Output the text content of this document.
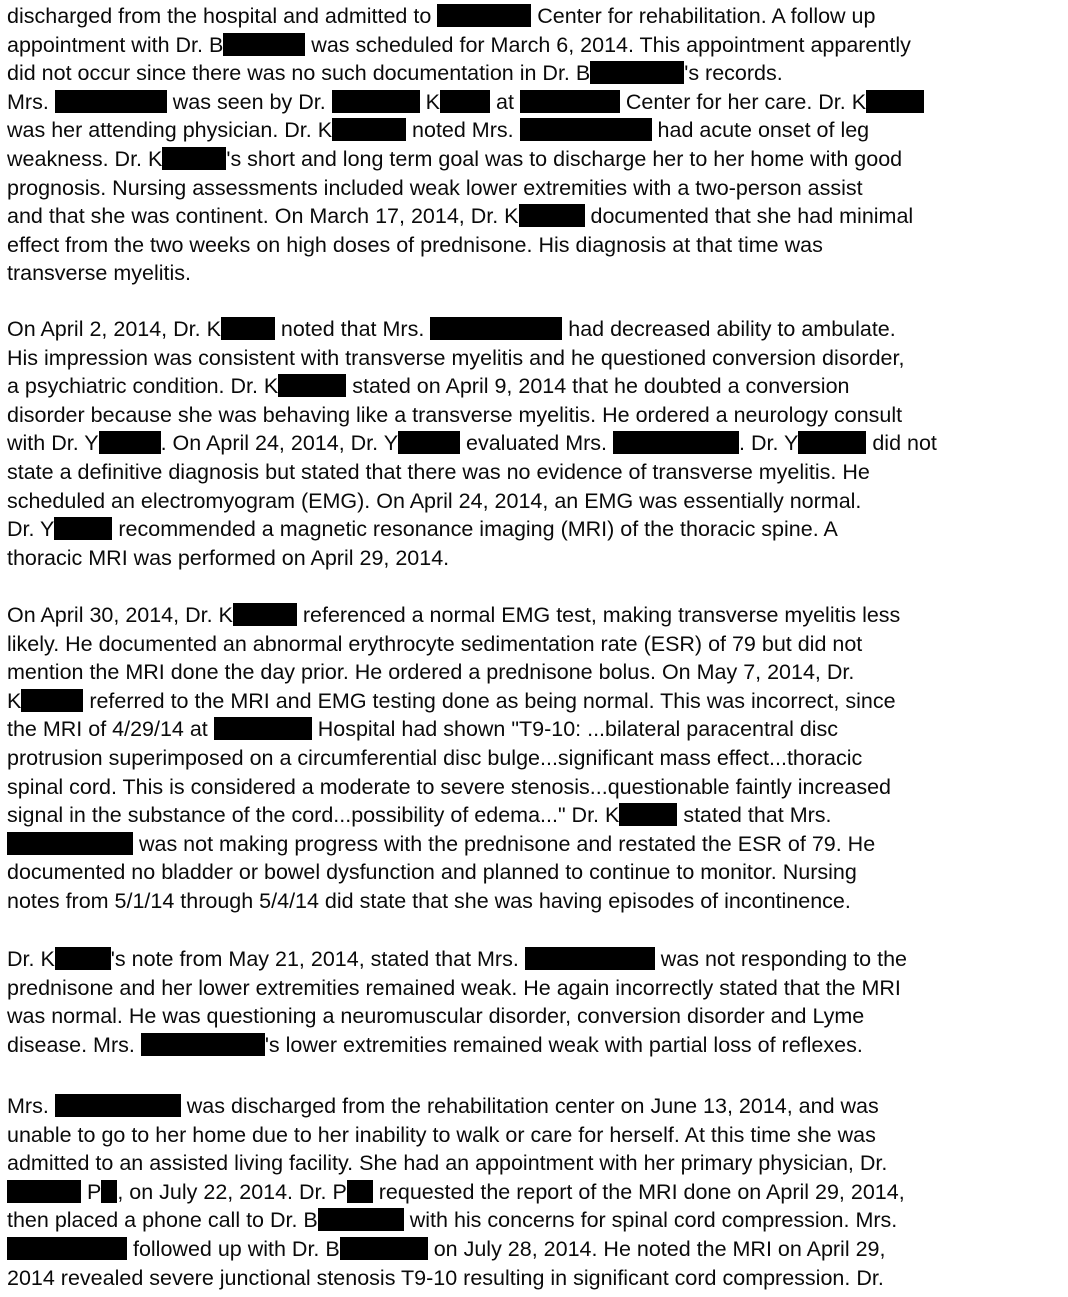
discharged from the hospital and admitted to	Center for rehabilitation. A follow up
appointment with Dr. B	was scheduled for March 6, 2014. This appointment apparently
did not occur since there was no such documentation in Dr. B	's records.
Mrs.	was seen by Dr.	K at	Center for her care. Dr. K
was her attending physician. Dr. K	noted Mrs.	had acute onset of leg
weakness. Dr. K	's short and long term goal was to discharge her to her home with good
prognosis. Nursing assessments included weak lower extremities with a two-person assist
and that she was continent. On March 17, 2014, Dr. K	documented that she had minimal
effect from the two weeks on high doses of prednisone. His diagnosis at that time was
transverse myelitis.
On April 2, 2014, Dr. K	noted that Mrs.	had decreased ability to ambulate.
His impression was consistent with transverse myelitis and he questioned conversion disorder,
a psychiatric condition. Dr. K	stated on April 9, 2014 that he doubted a conversion
disorder because she was behaving like a transverse myelitis. He ordered a neurology consult
with Dr. Y	. On April 24, 2014, Dr. Y	evaluated Mrs.	. Dr. Y	did not
state a definitive diagnosis but stated that there was no evidence of transverse myelitis. He
scheduled an electromyogram (EMG). On April 24, 2014, an EMG was essentially normal.
Dr. Y	recommended a magnetic resonance imaging (MRI) of the thoracic spine. A
thoracic MRI was performed on April 29, 2014.
On April 30, 2014, Dr. K	referenced a normal EMG test, making transverse myelitis less
likely. He documented an abnormal erythrocyte sedimentation rate (ESR) of 79 but did not
mention the MRI done the day prior. He ordered a prednisone bolus. On May 7, 2014, Dr.
K	referred to the MRI and EMG testing done as being normal. This was incorrect, since
the MRI of 4/29/14 at	Hospital had shown "T9-10: ...bilateral paracentral disc
protrusion superimposed on a circumferential disc bulge...significant mass effect...thoracic
spinal cord. This is considered a moderate to severe stenosis...questionable faintly increased
signal in the substance of the cord...possibility of edema..." Dr. K	stated that Mrs.
was not making progress with the prednisone and restated the ESR of 79. He
documented no bladder or bowel dysfunction and planned to continue to monitor. Nursing
notes from 5/1/14 through 5/4/14 did state that she was having episodes of incontinence.
Dr. K	's note from May 21, 2014, stated that Mrs.	was not responding to the
prednisone and her lower extremities remained weak. He again incorrectly stated that the MRI
was normal. He was questioning a neuromuscular disorder, conversion disorder and Lyme
disease. Mrs.	's lower extremities remained weak with partial loss of reflexes.
Mrs.	was discharged from the rehabilitation center on June 13, 2014, and was
unable to go to her home due to her inability to walk or care for herself. At this time she was
admitted to an assisted living facility. She had an appointment with her primary physician, Dr.
P , on July 22, 2014. Dr. P requested the report of the MRI done on April 29, 2014,
then placed a phone call to Dr. B	with his concerns for spinal cord compression. Mrs.
followed up with Dr. B	on July 28, 2014. He noted the MRI on April 29,
2014 revealed severe junctional stenosis T9-10 resulting in significant cord compression. Dr.
